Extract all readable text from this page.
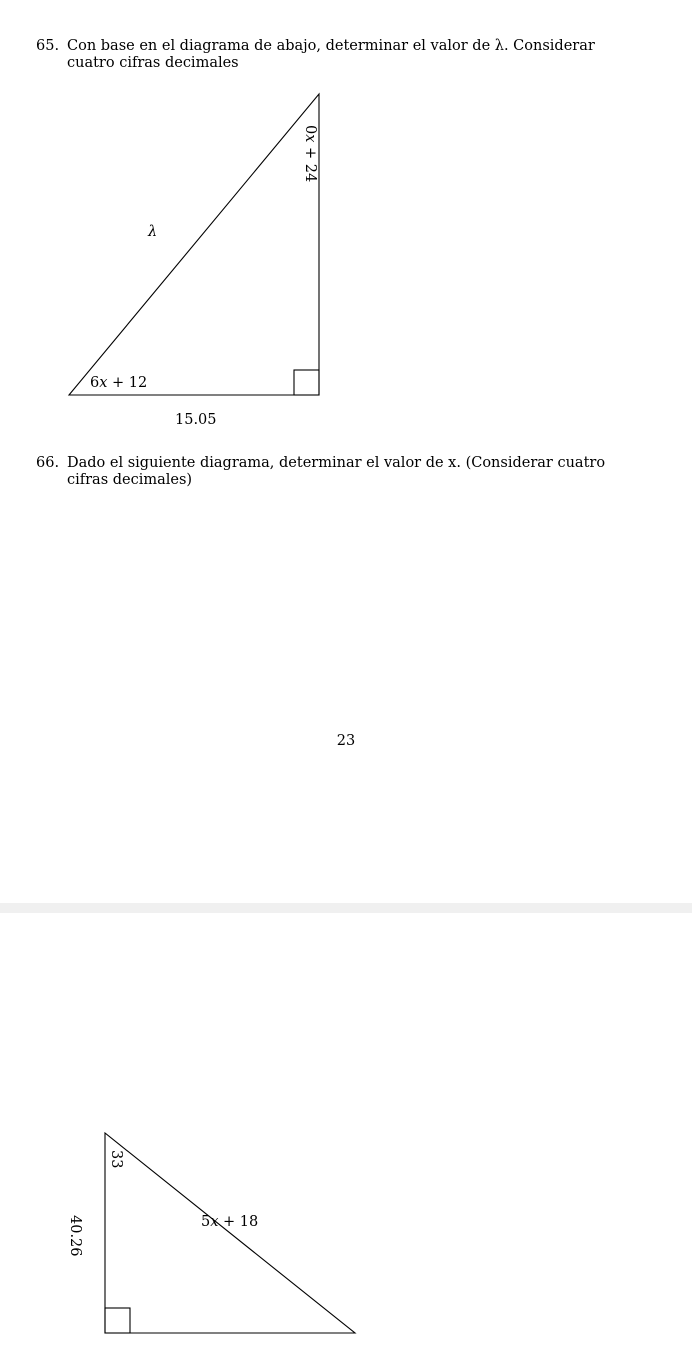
65. Con base en el diagrama de abajo, determinar el valor de λ. Considerar cuatro cifras decimales
λ
0x + 24
6x + 12
15.05
66. Dado el siguiente diagrama, determinar el valor de x. (Considerar cuatro cifras decimales)
23
40.26
33
5x + 18
